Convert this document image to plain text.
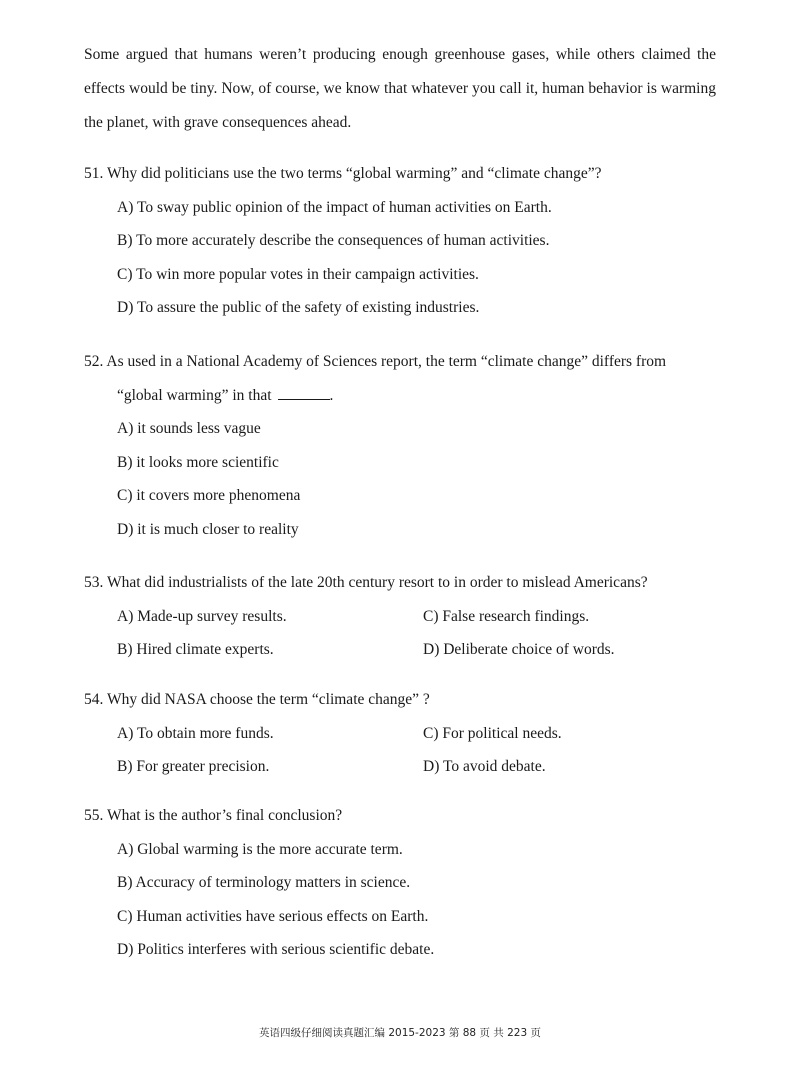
Some argued that humans weren’t producing enough greenhouse gases, while others claimed the effects would be tiny. Now, of course, we know that whatever you call it, human behavior is warming the planet, with grave consequences ahead.

51. Why did politicians use the two terms “global warming” and “climate change”?

A) To sway public opinion of the impact of human activities on Earth.
B) To more accurately describe the consequences of human activities.
C) To win more popular votes in their campaign activities.
D) To assure the public of the safety of existing industries.

52. As used in a National Academy of Sciences report, the term “climate change” differs from

“global warming” in that	.

A) it sounds less vague
B) it looks more scientific
C) it covers more phenomena
D) it is much closer to reality

53. What did industrialists of the late 20th century resort to in order to mislead Americans?

A) Made-up survey results.	C) False research findings.
B) Hired climate experts.	D) Deliberate choice of words.

54. Why did NASA choose the term “climate change” ?

A) To obtain more funds.	C) For political needs.
B) For greater precision.	D) To avoid debate.

55. What is the author’s final conclusion?

A) Global warming is the more accurate term.
B) Accuracy of terminology matters in science.
C) Human activities have serious effects on Earth.
D) Politics interferes with serious scientific debate.
英语四级仔细阅读真题汇编 2015-2023 第 88 页 共 223 页
